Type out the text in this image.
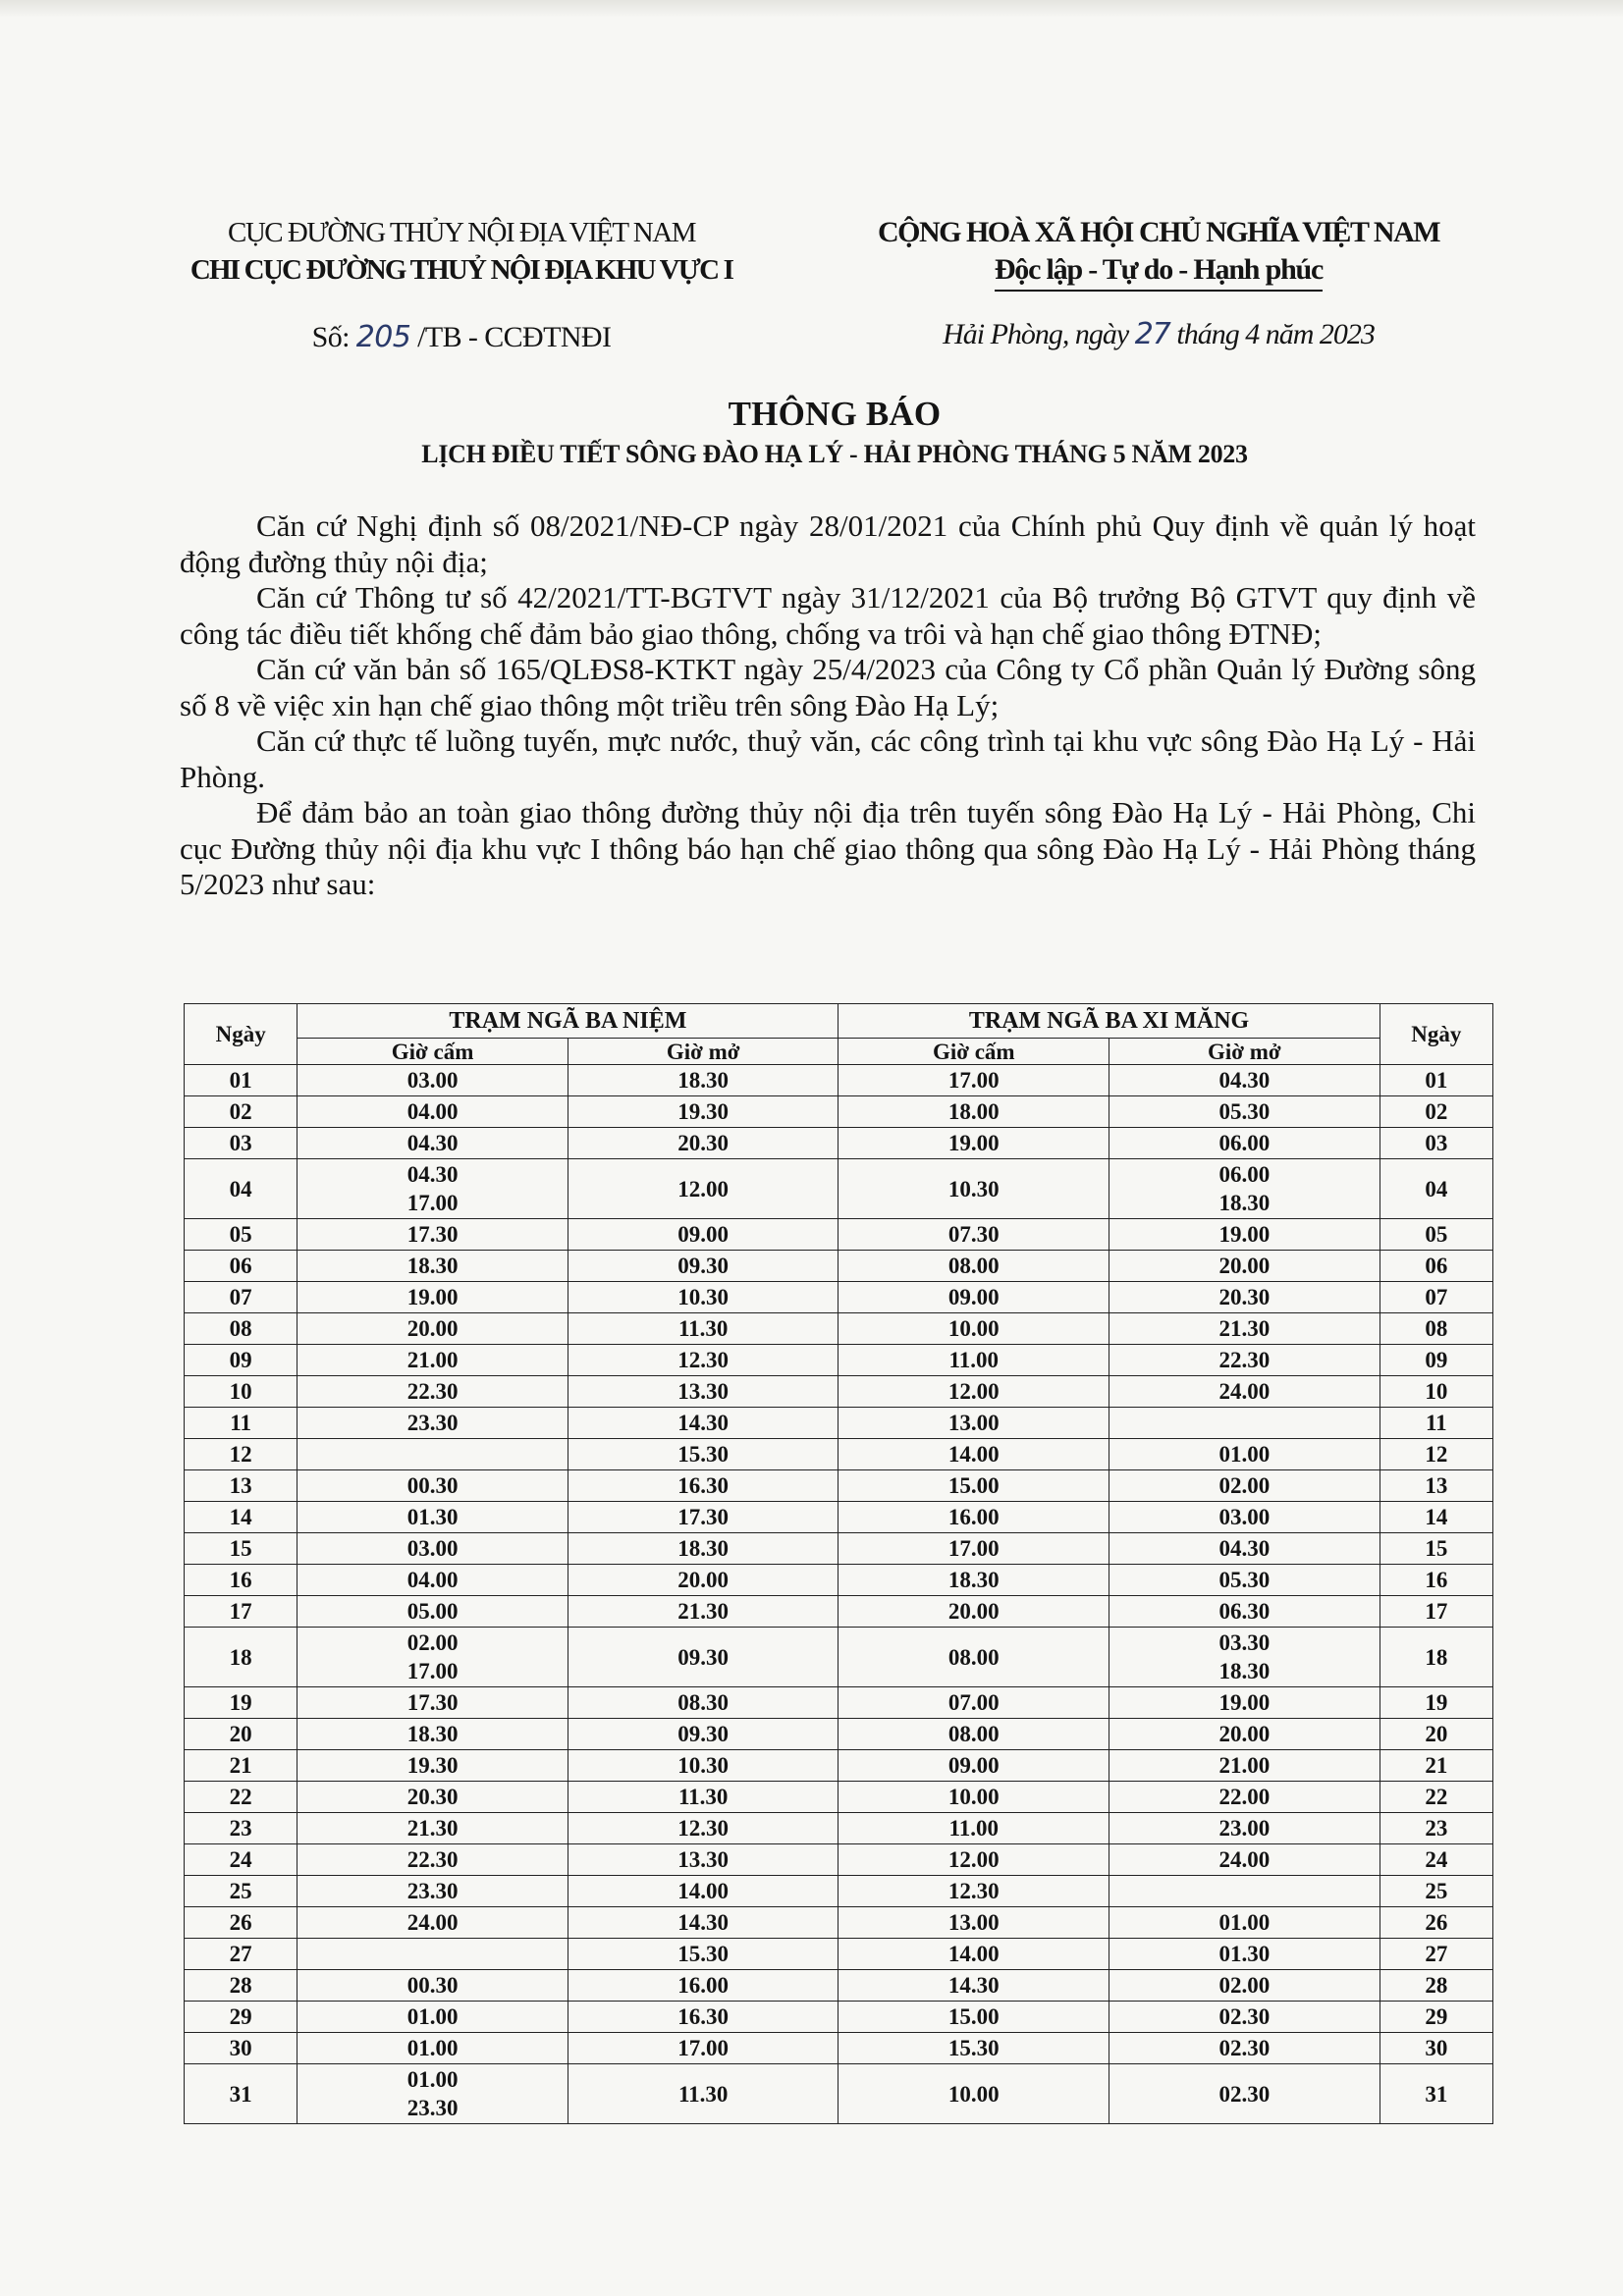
CỤC ĐƯỜNG THỦY NỘI ĐỊA VIỆT NAM
CHI CỤC ĐƯỜNG THUỶ NỘI ĐỊA KHU VỰC I
Số: 205 /TB - CCĐTNĐI
CỘNG HOÀ XÃ HỘI CHỦ NGHĨA VIỆT NAM
Độc lập - Tự do - Hạnh phúc
Hải Phòng, ngày 27 tháng 4 năm 2023
THÔNG BÁO
LỊCH ĐIỀU TIẾT SÔNG ĐÀO HẠ LÝ - HẢI PHÒNG THÁNG 5 NĂM 2023

Căn cứ Nghị định số 08/2021/NĐ-CP ngày 28/01/2021 của Chính phủ Quy định về quản lý hoạt động đường thủy nội địa;

Căn cứ Thông tư số 42/2021/TT-BGTVT ngày 31/12/2021 của Bộ trưởng Bộ GTVT quy định về công tác điều tiết khống chế đảm bảo giao thông, chống va trôi và hạn chế giao thông ĐTNĐ;

Căn cứ văn bản số 165/QLĐS8-KTKT ngày 25/4/2023 của Công ty Cổ phần Quản lý Đường sông số 8 về việc xin hạn chế giao thông một triều trên sông Đào Hạ Lý;

Căn cứ thực tế luồng tuyến, mực nước, thuỷ văn, các công trình tại khu vực sông Đào Hạ Lý - Hải Phòng.

Để đảm bảo an toàn giao thông đường thủy nội địa trên tuyến sông Đào Hạ Lý - Hải Phòng, Chi cục Đường thủy nội địa khu vực I thông báo hạn chế giao thông qua sông Đào Hạ Lý - Hải Phòng tháng 5/2023 như sau:

Ngày	TRẠM NGÃ BA NIỆM		TRẠM NGÃ BA XI MĂNG		Ngày
	Giờ cấm	Giờ mở	Giờ cấm	Giờ mở	
01	03.00	18.30	17.00	04.30	01
02	04.00	19.30	18.00	05.30	02
03	04.30	20.30	19.00	06.00	03
04	04.30
17.00	12.00	10.30	06.00
18.30	04
05	17.30	09.00	07.30	19.00	05
06	18.30	09.30	08.00	20.00	06
07	19.00	10.30	09.00	20.30	07
08	20.00	11.30	10.00	21.30	08
09	21.00	12.30	11.00	22.30	09
10	22.30	13.30	12.00	24.00	10
11	23.30	14.30	13.00		11
12		15.30	14.00	01.00	12
13	00.30	16.30	15.00	02.00	13
14	01.30	17.30	16.00	03.00	14
15	03.00	18.30	17.00	04.30	15
16	04.00	20.00	18.30	05.30	16
17	05.00	21.30	20.00	06.30	17
18	02.00
17.00	09.30	08.00	03.30
18.30	18
19	17.30	08.30	07.00	19.00	19
20	18.30	09.30	08.00	20.00	20
21	19.30	10.30	09.00	21.00	21
22	20.30	11.30	10.00	22.00	22
23	21.30	12.30	11.00	23.00	23
24	22.30	13.30	12.00	24.00	24
25	23.30	14.00	12.30		25
26	24.00	14.30	13.00	01.00	26
27		15.30	14.00	01.30	27
28	00.30	16.00	14.30	02.00	28
29	01.00	16.30	15.00	02.30	29
30	01.00	17.00	15.30	02.30	30
31	01.00
23.30	11.30	10.00	02.30	31
